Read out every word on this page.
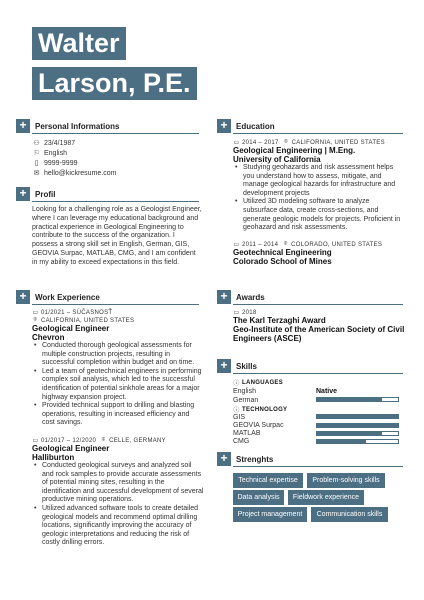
Walter
Larson, P.E.
+	Personal Informations
⚇ 23/4/1987
⚐ English
▯ 9999-9999
✉ hello@kickresume.com
+	Profil
Looking for a challenging role as a Geologist Engineer, where I can leverage my educational background and practical experience in Geological Engineering to contribute to the success of the organization. I possess a strong skill set in English, German, GIS, GEOVIA Surpac, MATLAB, CMG, and I am confident in my ability to exceed expectations in this field.
+	Work Experience
▭ 01/2021 – SÚČASNOSŤ
⌾ CALIFORNIA, UNITED STATES
Geological Engineer
Chevron
• Conducted thorough geological assessments for multiple construction projects, resulting in successful completion within budget and on time.
• Led a team of geotechnical engineers in performing complex soil analysis, which led to the successful identification of potential sinkhole areas for a major highway expansion project.
• Provided technical support to drilling and blasting operations, resulting in increased efficiency and cost savings.
▭ 01/2017 – 12/2020
⌾ CELLE, GERMANY
Geological Engineer
Halliburton
• Conducted geological surveys and analyzed soil and rock samples to provide accurate assessments of potential mining sites, resulting in the identification and successful development of several productive mining operations.
• Utilized advanced software tools to create detailed geological models and recommend optimal drilling locations, significantly improving the accuracy of geologic interpretations and reducing the risk of costly drilling errors.
+	Education
▭ 2014 – 2017
⌾ CALIFORNIA, UNITED STATES
Geological Engineering | M.Eng.
University of California
• Studying geohazards and risk assessment helps you understand how to assess, mitigate, and manage geological hazards for infrastructure and development projects
• Utilized 3D modeling software to analyze subsurface data, create cross-sections, and generate geologic models for projects. Proficient in geohazard and risk assessments.
▭ 2011 – 2014
⌾ COLORADO, UNITED STATES
Geotechnical Engineering
Colorado School of Mines
+	Awards
▭ 2018
The Karl Terzaghi Award
Geo-Institute of the American Society of Civil Engineers (ASCE)
+	Skills
ⓘ LANGUAGES
English	Native
German
ⓘ TECHNOLOGY
GIS
GEOVIA Surpac
MATLAB
CMG
+	Strenghts
Technical expertise	Problem-solving skills
Data analysis	Fieldwork experience
Project management	Communication skills
